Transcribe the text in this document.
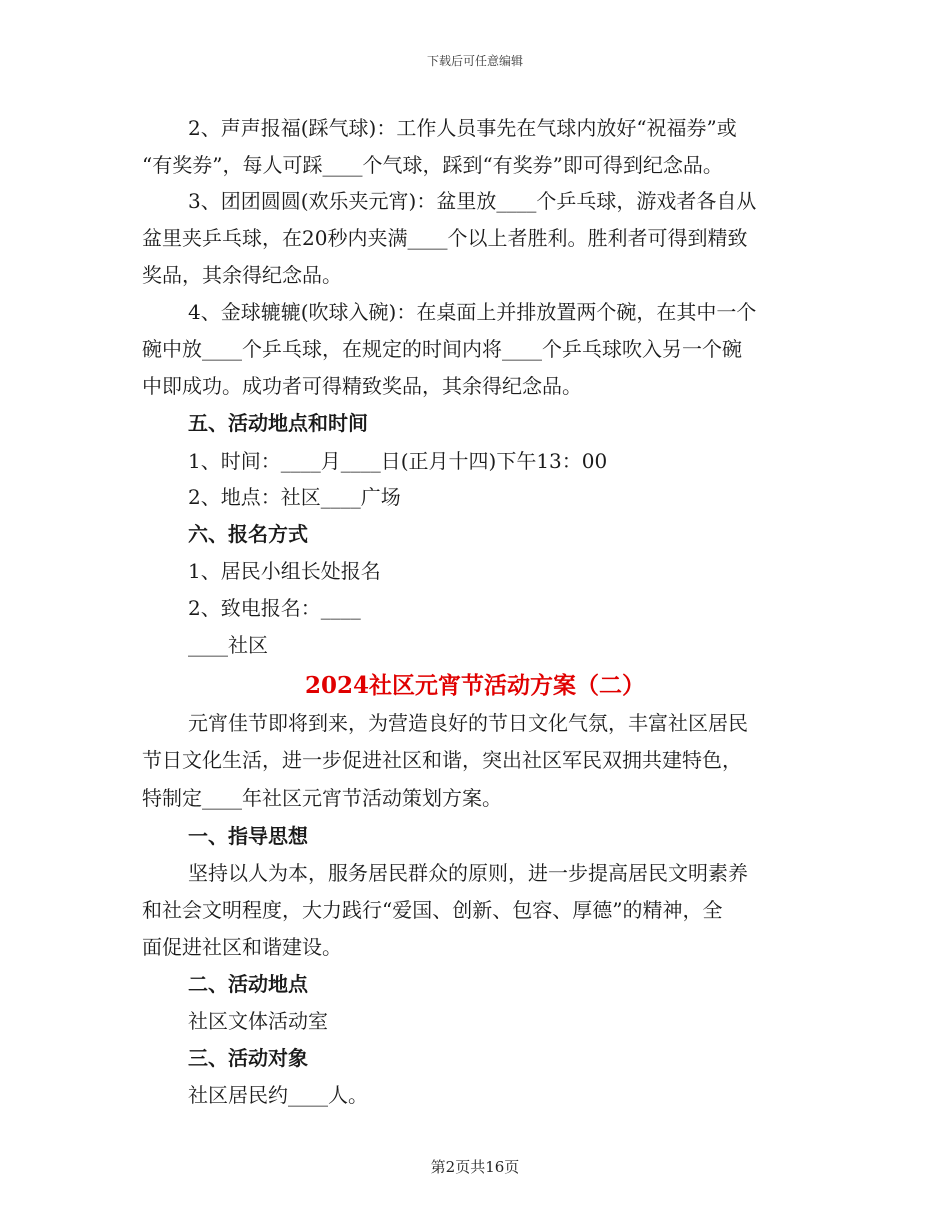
下载后可任意编辑
2、声声报福(踩气球)：工作人员事先在气球内放好“祝福券”或
“有奖券”，每人可踩____个气球，踩到“有奖券”即可得到纪念品。
3、团团圆圆(欢乐夹元宵)：盆里放____个乒乓球，游戏者各自从
盆里夹乒乓球，在20秒内夹满____个以上者胜利。胜利者可得到精致
奖品，其余得纪念品。
4、金球辘辘(吹球入碗)：在桌面上并排放置两个碗，在其中一个
碗中放____个乒乓球，在规定的时间内将____个乒乓球吹入另一个碗
中即成功。成功者可得精致奖品，其余得纪念品。
五、活动地点和时间
1、时间：____月____日(正月十四)下午13：00
2、地点：社区____广场
六、报名方式
1、居民小组长处报名
2、致电报名：____
____社区
2024社区元宵节活动方案（二）
元宵佳节即将到来，为营造良好的节日文化气氛，丰富社区居民
节日文化生活，进一步促进社区和谐，突出社区军民双拥共建特色，
特制定____年社区元宵节活动策划方案。
一、指导思想
坚持以人为本，服务居民群众的原则，进一步提高居民文明素养
和社会文明程度，大力践行“爱国、创新、包容、厚德”的精神，全
面促进社区和谐建设。
二、活动地点
社区文体活动室
三、活动对象
社区居民约____人。
第2页共16页
